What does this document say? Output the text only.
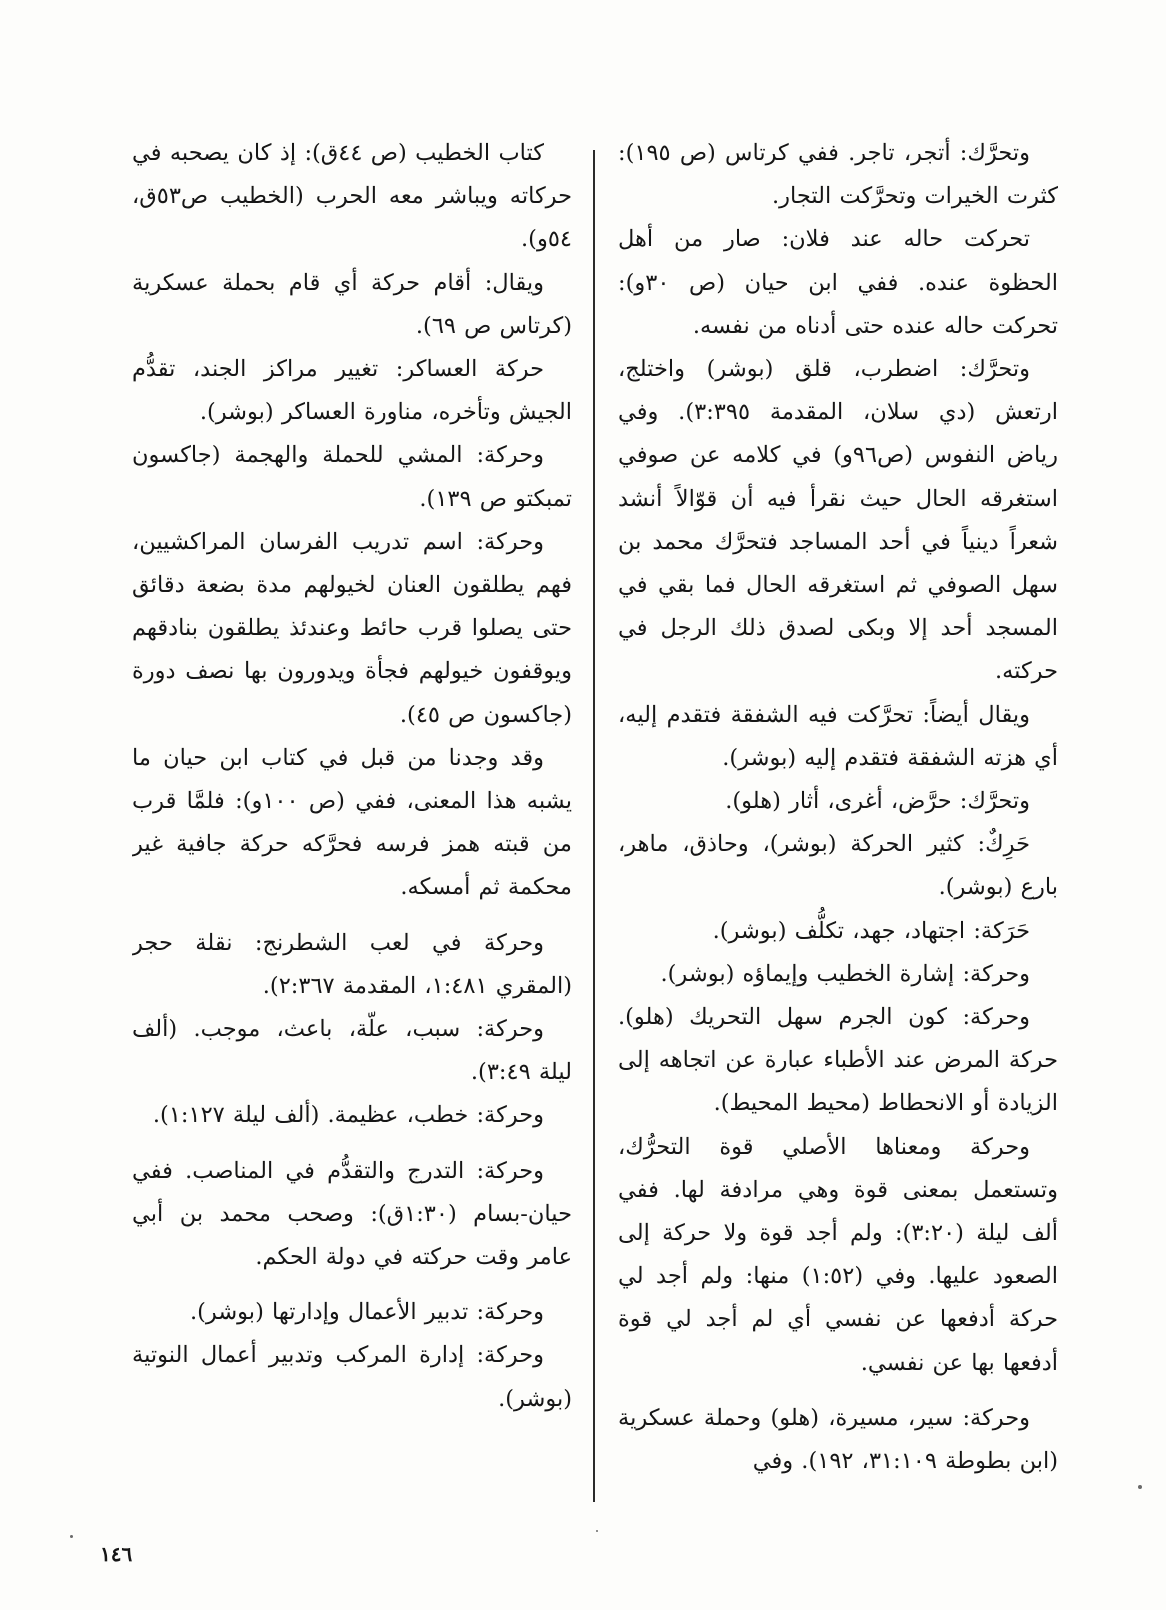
وتحرَّك: أتجر، تاجر. ففي كرتاس (ص ١٩٥): كثرت الخيرات وتحرَّكت التجار.

تحركت حاله عند فلان: صار من أهل الحظوة عنده. ففي ابن حيان (ص ٣٠و): تحركت حاله عنده حتى أدناه من نفسه.

وتحرَّك: اضطرب، قلق (بوشر) واختلج، ارتعش (دي سلان، المقدمة ٣:٣٩٥). وفي رياض النفوس (ص٩٦و) في كلامه عن صوفي استغرقه الحال حيث نقرأ فيه أن قوّالاً أنشد شعراً دينياً في أحد المساجد فتحرَّك محمد بن سهل الصوفي ثم استغرقه الحال فما بقي في المسجد أحد إلا وبكى لصدق ذلك الرجل في حركته.

ويقال أيضاً: تحرَّكت فيه الشفقة فتقدم إليه، أي هزته الشفقة فتقدم إليه (بوشر).

وتحرَّك: حرَّض، أغرى، أثار (هلو).

حَرِكٌ: كثير الحركة (بوشر)، وحاذق، ماهر، بارع (بوشر).

حَرَكة: اجتهاد، جهد، تكلُّف (بوشر).

وحركة: إشارة الخطيب وإيماؤه (بوشر).

وحركة: كون الجرم سهل التحريك (هلو). حركة المرض عند الأطباء عبارة عن اتجاهه إلى الزيادة أو الانحطاط (محيط المحيط).

وحركة ومعناها الأصلي قوة التحرُّك، وتستعمل بمعنى قوة وهي مرادفة لها. ففي ألف ليلة (٣:٢٠): ولم أجد قوة ولا حركة إلى الصعود عليها. وفي (١:٥٢) منها: ولم أجد لي حركة أدفعها عن نفسي أي لم أجد لي قوة أدفعها بها عن نفسي.

وحركة: سير، مسيرة، (هلو) وحملة عسكرية (ابن بطوطة ٣١:١٠٩، ١٩٢). وفي

كتاب الخطيب (ص ٤٤ق): إذ كان يصحبه في حركاته ويباشر معه الحرب (الخطيب ص٥٣ق، ٥٤و).

ويقال: أقام حركة أي قام بحملة عسكرية (كرتاس ص ٦٩).

حركة العساكر: تغيير مراكز الجند، تقدُّم الجيش وتأخره، مناورة العساكر (بوشر).

وحركة: المشي للحملة والهجمة (جاكسون تمبكتو ص ١٣٩).

وحركة: اسم تدريب الفرسان المراكشيين، فهم يطلقون العنان لخيولهم مدة بضعة دقائق حتى يصلوا قرب حائط وعندئذ يطلقون بنادقهم ويوقفون خيولهم فجأة ويدورون بها نصف دورة (جاكسون ص ٤٥).

وقد وجدنا من قبل في كتاب ابن حيان ما يشبه هذا المعنى، ففي (ص ١٠٠و): فلمَّا قرب من قبته همز فرسه فحرَّكه حركة جافية غير محكمة ثم أمسكه.

وحركة في لعب الشطرنج: نقلة حجر (المقري ١:٤٨١، المقدمة ٢:٣٦٧).

وحركة: سبب، علّة، باعث، موجب. (ألف ليلة ٣:٤٩).

وحركة: خطب، عظيمة. (ألف ليلة ١:١٢٧).

وحركة: التدرج والتقدُّم في المناصب. ففي حيان-بسام (١:٣٠ق): وصحب محمد بن أبي عامر وقت حركته في دولة الحكم.

وحركة: تدبير الأعمال وإدارتها (بوشر).

وحركة: إدارة المركب وتدبير أعمال النوتية (بوشر).

١٤٦
